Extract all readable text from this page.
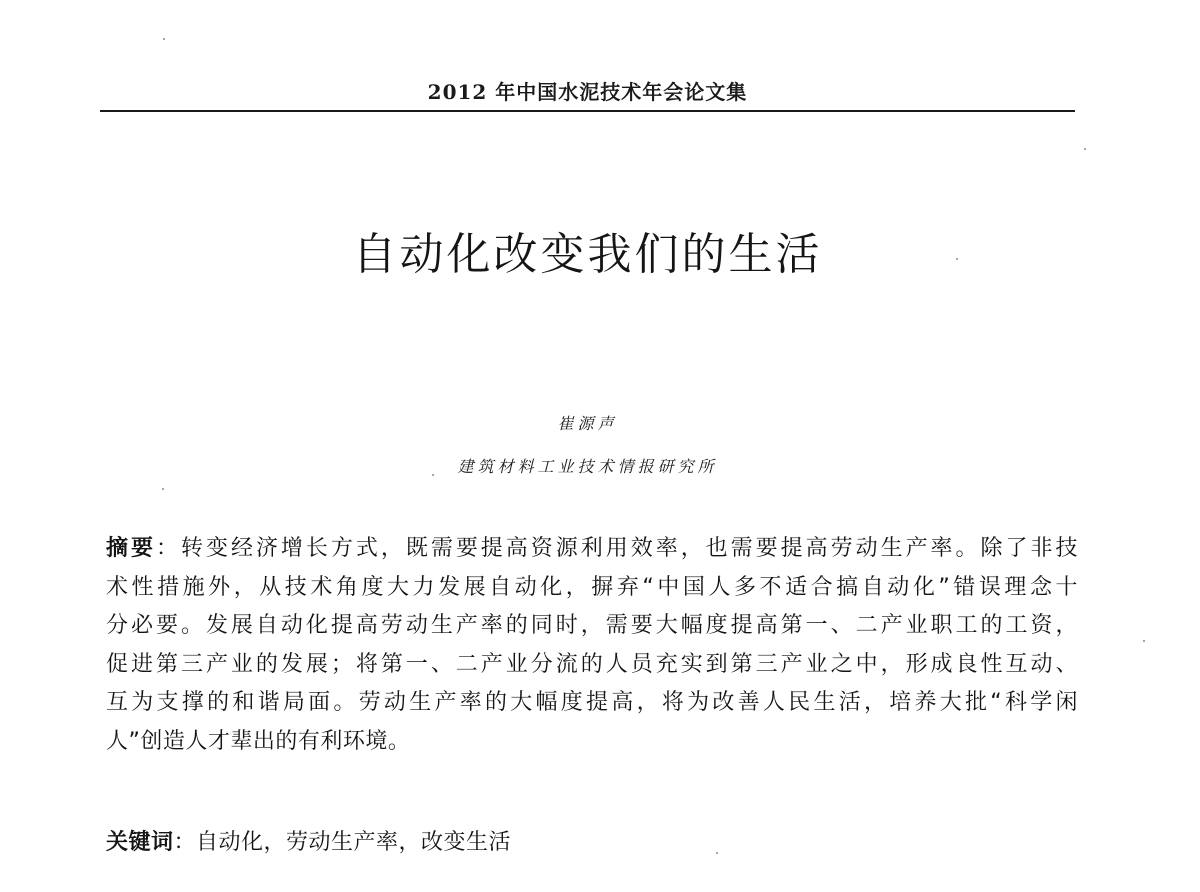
2012 年中国水泥技术年会论文集
自动化改变我们的生活
崔源声
建筑材料工业技术情报研究所
摘要：转变经济增长方式，既需要提高资源利用效率，也需要提高劳动生产率。除了非技
术性措施外，从技术角度大力发展自动化，摒弃“中国人多不适合搞自动化”错误理念十
分必要。发展自动化提高劳动生产率的同时，需要大幅度提高第一、二产业职工的工资，
促进第三产业的发展；将第一、二产业分流的人员充实到第三产业之中，形成良性互动、
互为支撑的和谐局面。劳动生产率的大幅度提高，将为改善人民生活，培养大批“科学闲
人”创造人才辈出的有利环境。
关键词：自动化，劳动生产率，改变生活
